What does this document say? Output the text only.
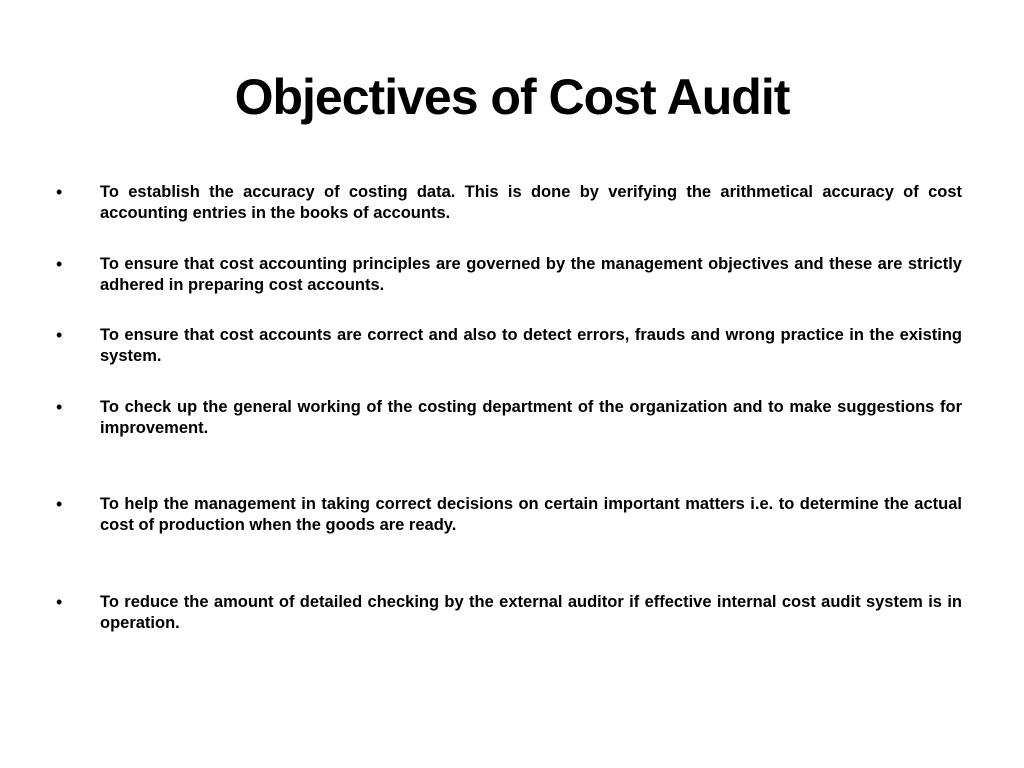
Objectives of Cost Audit
• To establish the accuracy of costing data. This is done by verifying the arithmetical accuracy of cost accounting entries in the books of accounts.
• To ensure that cost accounting principles are governed by the management objectives and these are strictly adhered in preparing cost accounts.
• To ensure that cost accounts are correct and also to detect errors, frauds and wrong practice in the existing system.
• To check up the general working of the costing department of the organization and to make suggestions for improvement.
• To help the management in taking correct decisions on certain important matters i.e. to determine the actual cost of production when the goods are ready.
• To reduce the amount of detailed checking by the external auditor if effective internal cost audit system is in operation.
